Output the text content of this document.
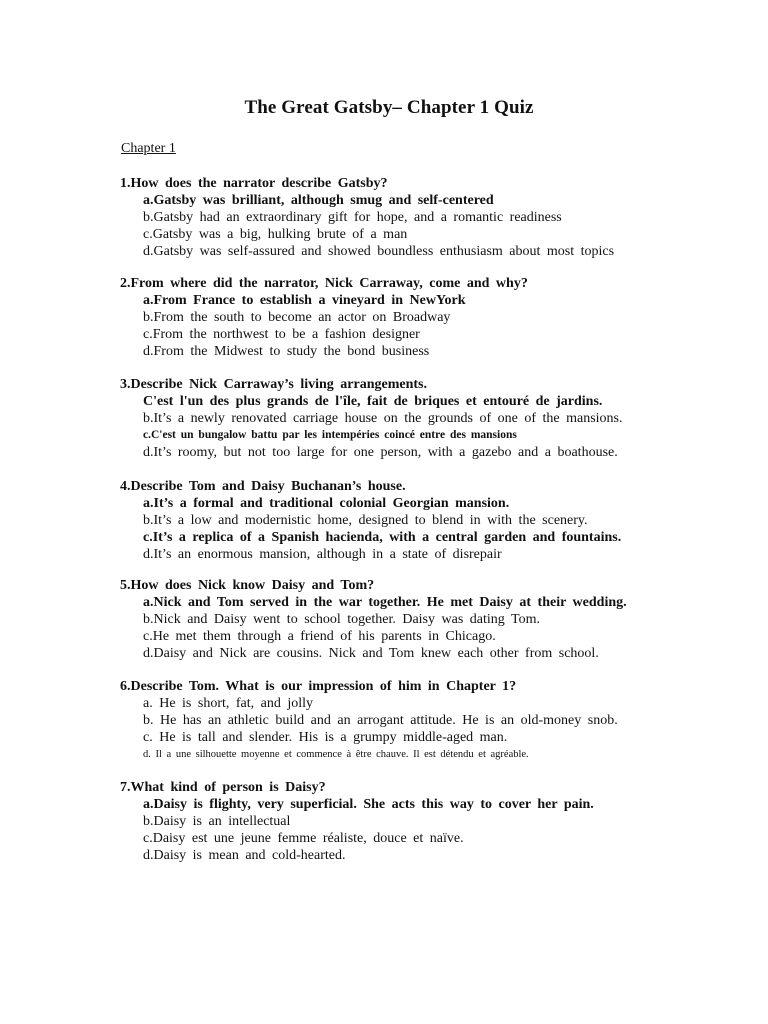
The Great Gatsby– Chapter 1 Quiz
Chapter 1
1.How does the narrator describe Gatsby?
a.Gatsby was brilliant, although smug and self-centered
b.Gatsby had an extraordinary gift for hope, and a romantic readiness
c.Gatsby was a big, hulking brute of a man
d.Gatsby was self-assured and showed boundless enthusiasm about most topics
2.From where did the narrator, Nick Carraway, come and why?
a.From France to establish a vineyard in NewYork
b.From the south to become an actor on Broadway
c.From the northwest to be a fashion designer
d.From the Midwest to study the bond business
3.Describe Nick Carraway’s living arrangements.
C'est l'un des plus grands de l'île, fait de briques et entouré de jardins.
b.It’s a newly renovated carriage house on the grounds of one of the mansions.
c.C'est un bungalow battu par les intempéries coincé entre des mansions
d.It’s roomy, but not too large for one person, with a gazebo and a boathouse.
4.Describe Tom and Daisy Buchanan’s house.
a.It’s a formal and traditional colonial Georgian mansion.
b.It’s a low and modernistic home, designed to blend in with the scenery.
c.It’s a replica of a Spanish hacienda, with a central garden and fountains.
d.It’s an enormous mansion, although in a state of disrepair
5.How does Nick know Daisy and Tom?
a.Nick and Tom served in the war together. He met Daisy at their wedding.
b.Nick and Daisy went to school together. Daisy was dating Tom.
c.He met them through a friend of his parents in Chicago.
d.Daisy and Nick are cousins. Nick and Tom knew each other from school.
6.Describe Tom. What is our impression of him in Chapter 1?
a. He is short, fat, and jolly
b. He has an athletic build and an arrogant attitude. He is an old-money snob.
c. He is tall and slender. His is a grumpy middle-aged man.
d. Il a une silhouette moyenne et commence à être chauve. Il est détendu et agréable.
7.What kind of person is Daisy?
a.Daisy is flighty, very superficial. She acts this way to cover her pain.
b.Daisy is an intellectual
c.Daisy est une jeune femme réaliste, douce et naïve.
d.Daisy is mean and cold-hearted.
